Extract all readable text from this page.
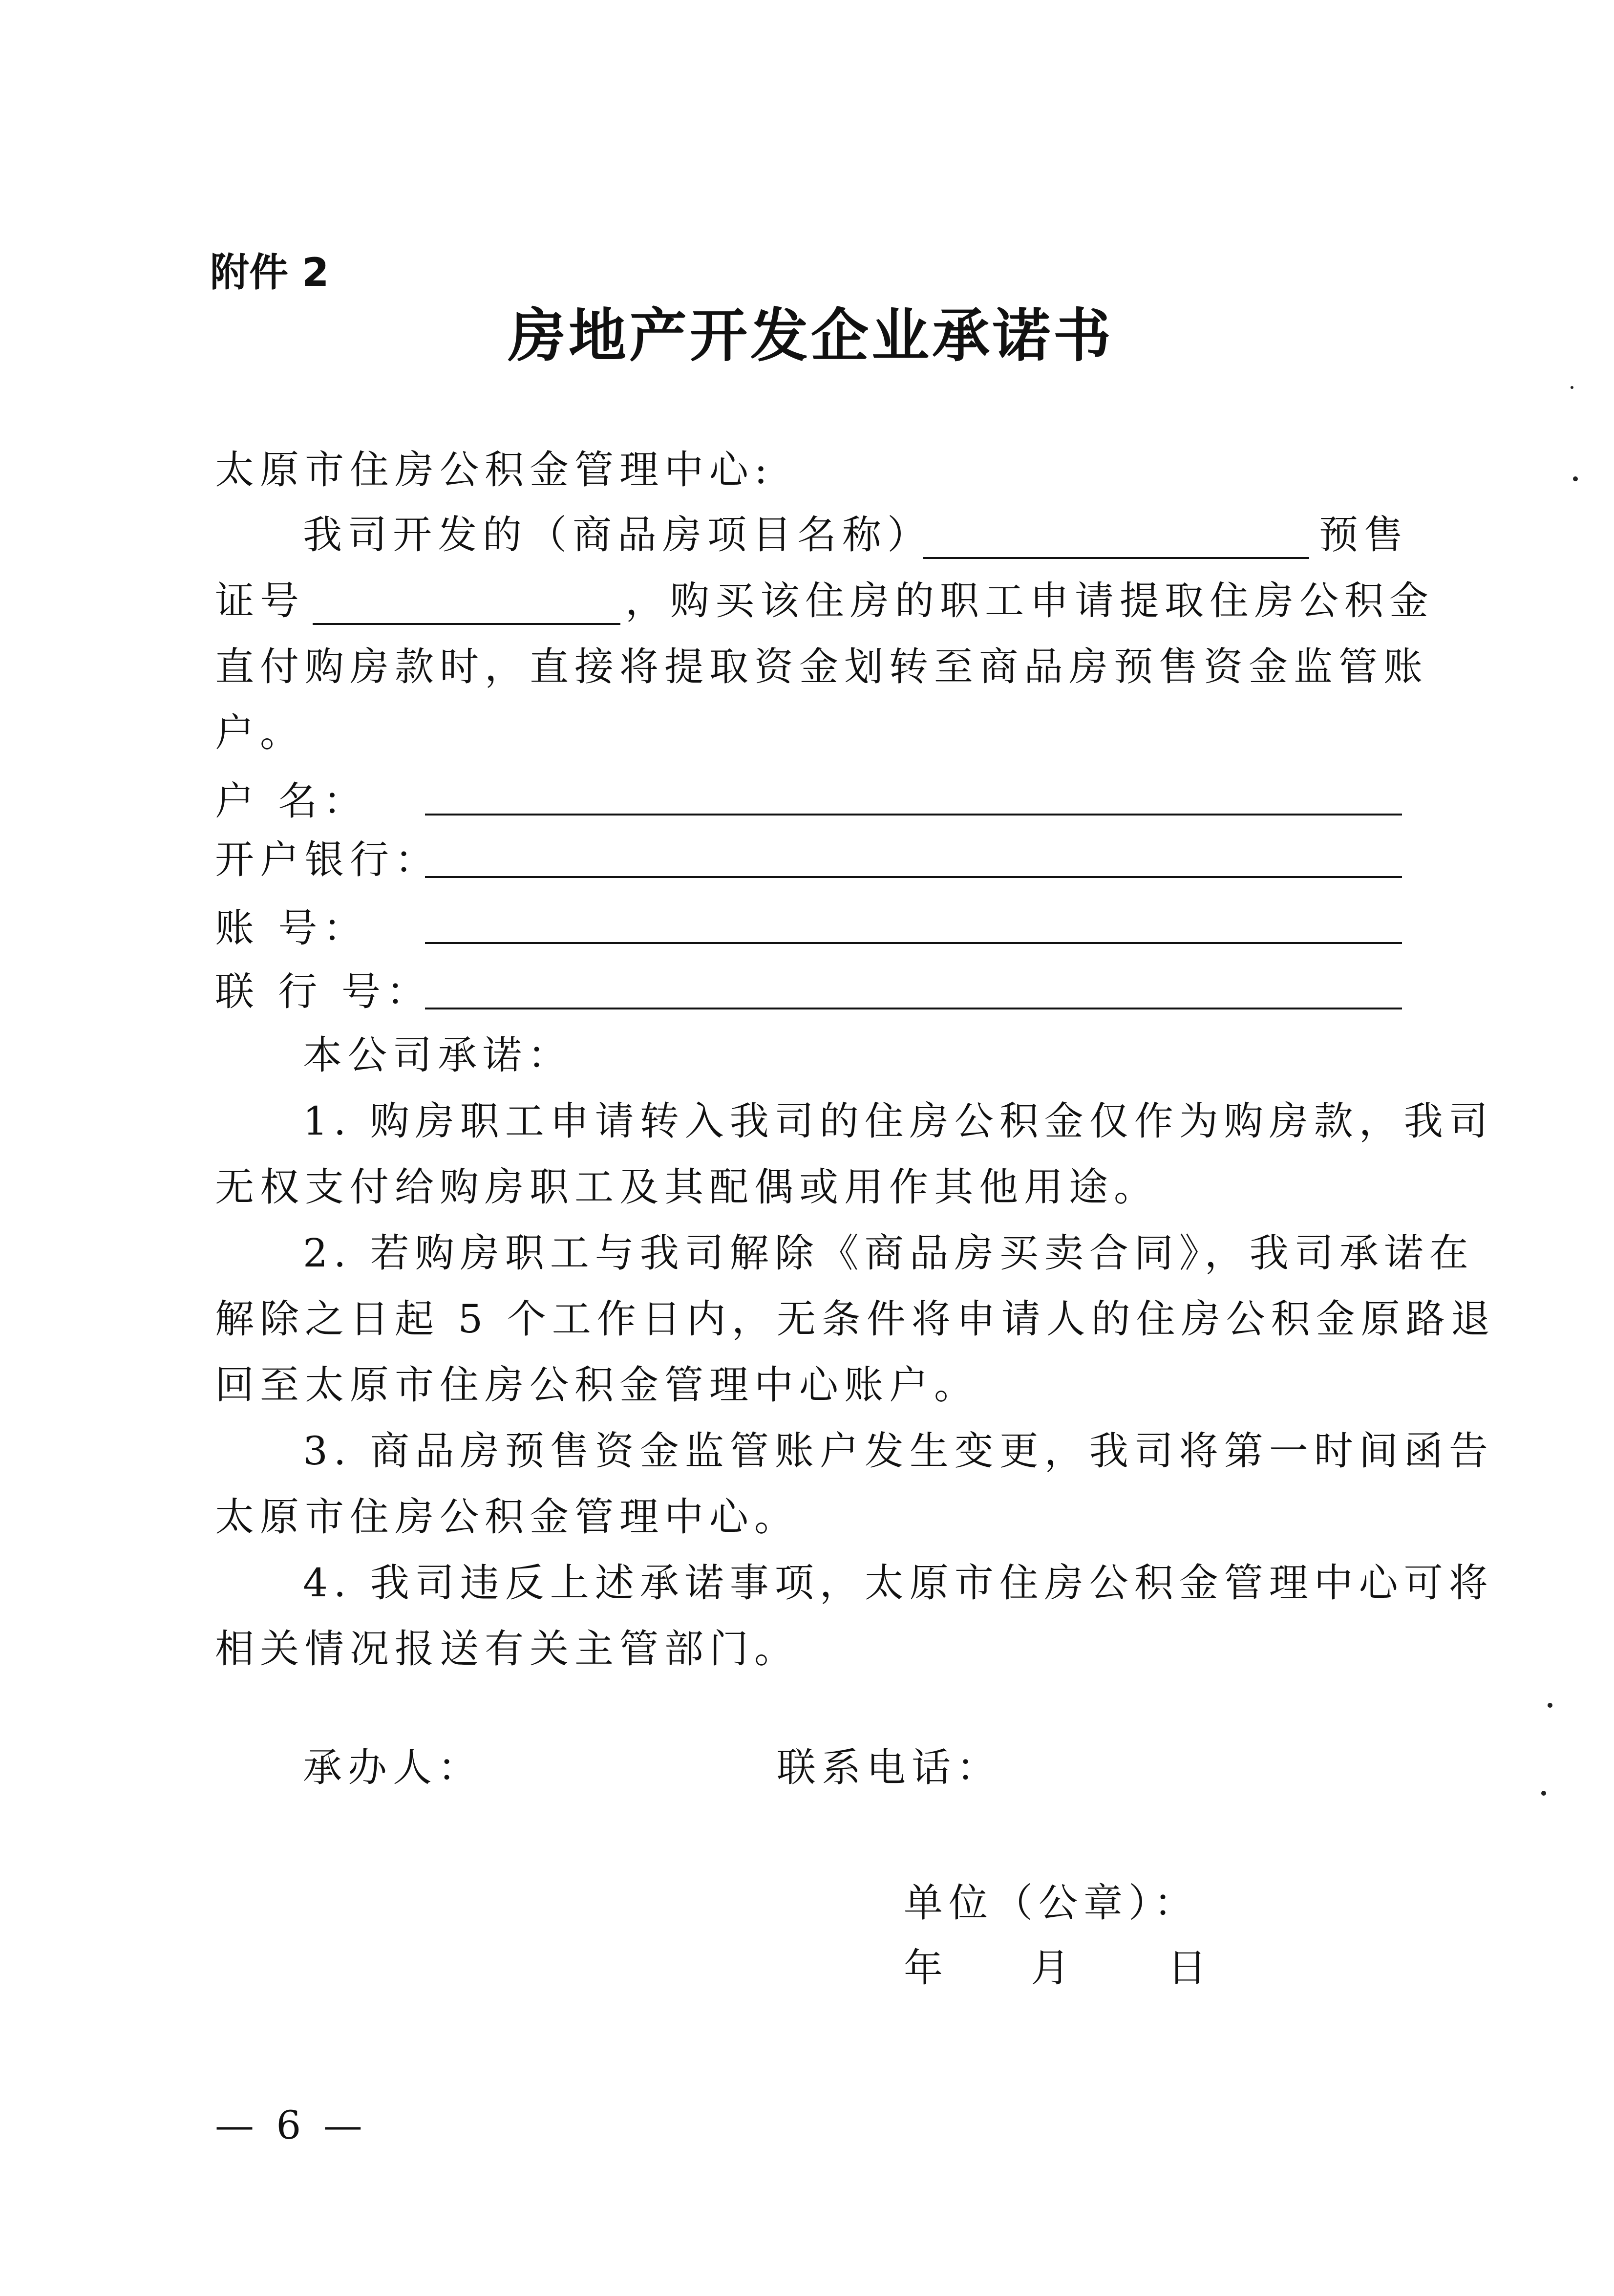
附件 2
房地产开发企业承诺书
太原市住房公积金管理中心:
我司开发的（商品房项目名称）	预售
证号	，购买该住房的职工申请提取住房公积金
直付购房款时，直接将提取资金划转至商品房预售资金监管账
户。
户 名：
开户银行：
账 号：
联 行 号：
本公司承诺：
1. 购房职工申请转入我司的住房公积金仅作为购房款，我司
无权支付给购房职工及其配偶或用作其他用途。
2. 若购房职工与我司解除《商品房买卖合同》，我司承诺在
解除之日起 5 个工作日内，无条件将申请人的住房公积金原路退
回至太原市住房公积金管理中心账户。
3. 商品房预售资金监管账户发生变更，我司将第一时间函告
太原市住房公积金管理中心。
4. 我司违反上述承诺事项，太原市住房公积金管理中心可将
相关情况报送有关主管部门。
承办人：	联系电话：
单位（公章）：
年 月 日
— 6 —
